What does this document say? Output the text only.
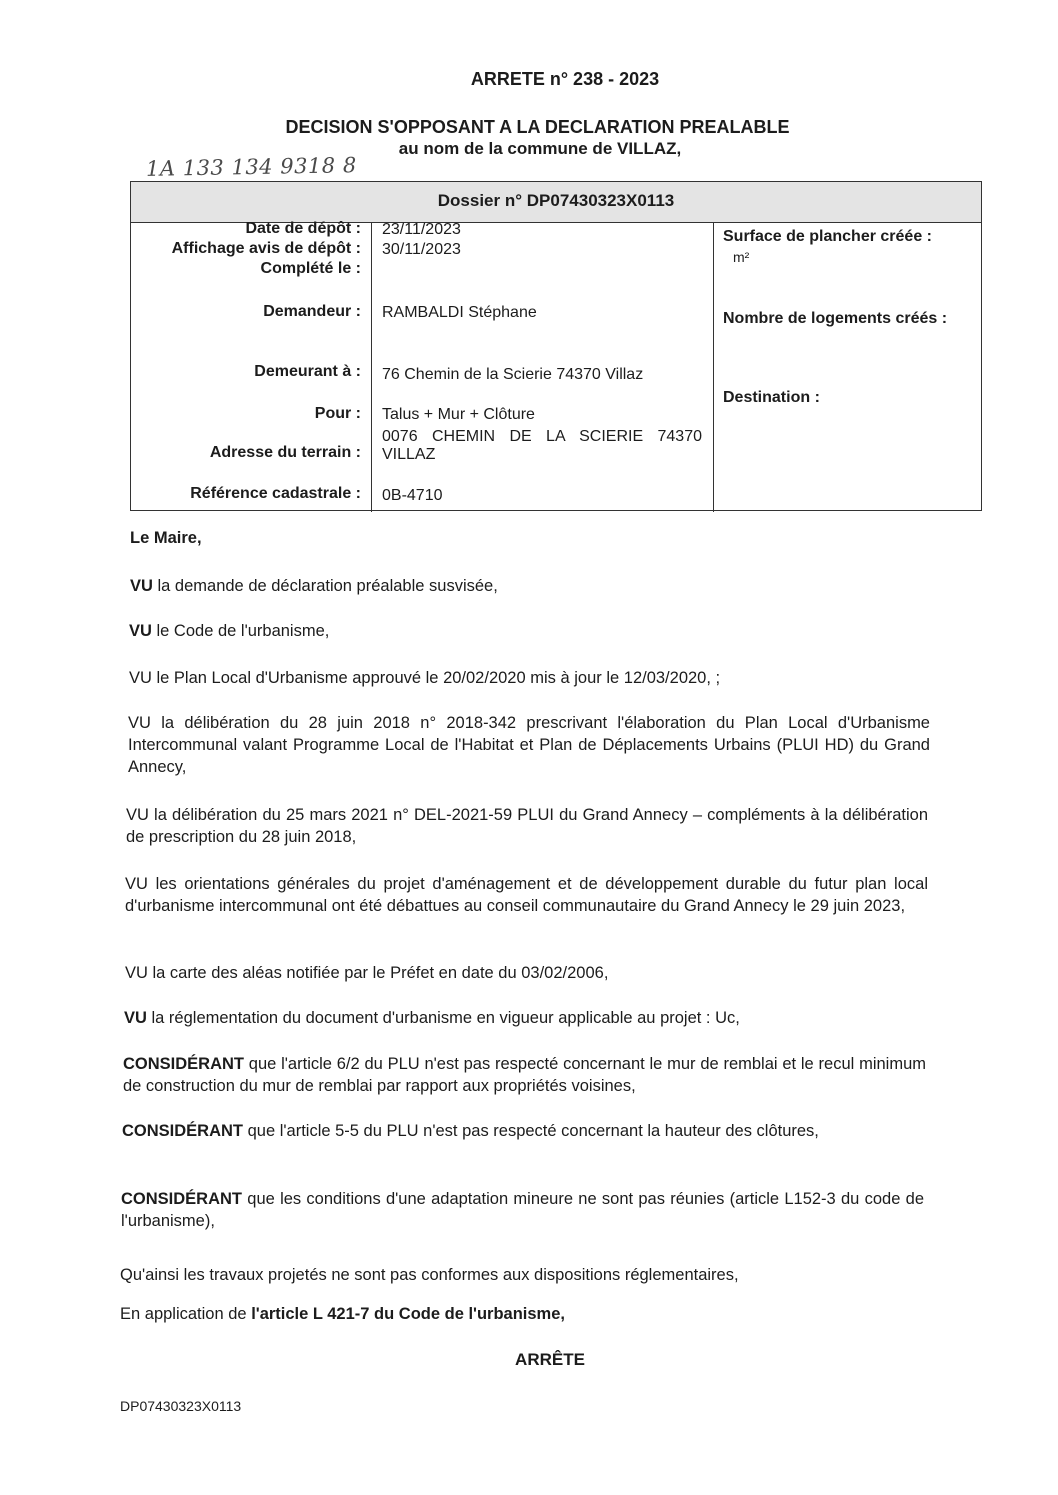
ARRETE n° 238 - 2023
DECISION S'OPPOSANT A LA DECLARATION PREALABLE
au nom de la commune de VILLAZ,
1A 133 134 9318 8
Dossier n° DP07430323X0113
Date de dépôt :
Affichage avis de dépôt :
Complété le :
Demandeur :
Demeurant à :
Pour :
Adresse du terrain :
Référence cadastrale :
23/11/2023
30/11/2023
RAMBALDI Stéphane
76 Chemin de la Scierie 74370 Villaz
Talus + Mur + Clôture
0076 CHEMIN DE LA SCIERIE 74370
VILLAZ
0B-4710
Surface de plancher créée :
m²
Nombre de logements créés :
Destination :
Le Maire,
VU la demande de déclaration préalable susvisée,
VU le Code de l'urbanisme,
VU le Plan Local d'Urbanisme approuvé le 20/02/2020 mis à jour le 12/03/2020, ;
VU la délibération du 28 juin 2018 n° 2018-342 prescrivant l'élaboration du Plan Local d'Urbanisme Intercommunal valant Programme Local de l'Habitat et Plan de Déplacements Urbains (PLUI HD) du Grand Annecy,
VU la délibération du 25 mars 2021 n° DEL-2021-59 PLUI du Grand Annecy – compléments à la délibération de prescription du 28 juin 2018,
VU les orientations générales du projet d'aménagement et de développement durable du futur plan local d'urbanisme intercommunal ont été débattues au conseil communautaire du Grand Annecy le 29 juin 2023,
VU la carte des aléas notifiée par le Préfet en date du 03/02/2006,
VU la réglementation du document d'urbanisme en vigueur applicable au projet : Uc,
CONSIDÉRANT que l'article 6/2 du PLU n'est pas respecté concernant le mur de remblai et le recul minimum de construction du mur de remblai par rapport aux propriétés voisines,
CONSIDÉRANT que l'article 5-5 du PLU n'est pas respecté concernant la hauteur des clôtures,
CONSIDÉRANT que les conditions d'une adaptation mineure ne sont pas réunies (article L152-3 du code de l'urbanisme),
Qu'ainsi les travaux projetés ne sont pas conformes aux dispositions réglementaires,
En application de l'article L 421-7 du Code de l'urbanisme,
ARRÊTE
DP07430323X0113
